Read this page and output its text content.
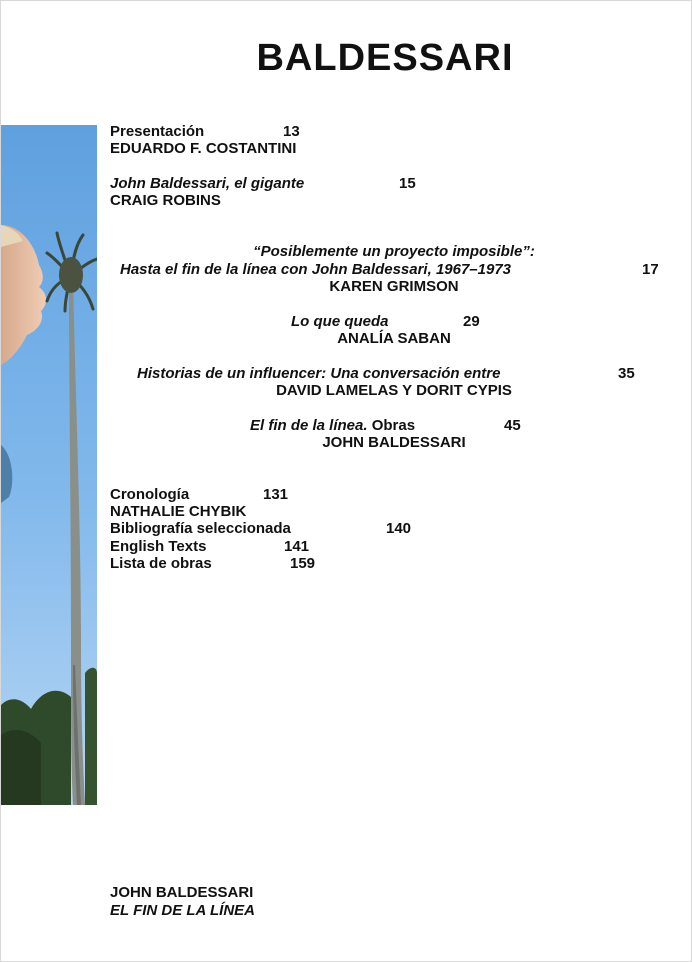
BALDESSARI
Presentación	13
EDUARDO F. COSTANTINI
John Baldessari, el gigante	15
CRAIG ROBINS
“Posiblemente un proyecto imposible”:
Hasta el fin de la línea con John Baldessari, 1967–1973	17
KAREN GRIMSON
Lo que queda	29
ANALÍA SABAN
Historias de un influencer: Una conversación entre	35
DAVID LAMELAS Y DORIT CYPIS
El fin de la línea. Obras	45
JOHN BALDESSARI
Cronología	131
NATHALIE CHYBIK
Bibliografía seleccionada	140
English Texts	141
Lista de obras	159
JOHN BALDESSARI
EL FIN DE LA LÍNEA
